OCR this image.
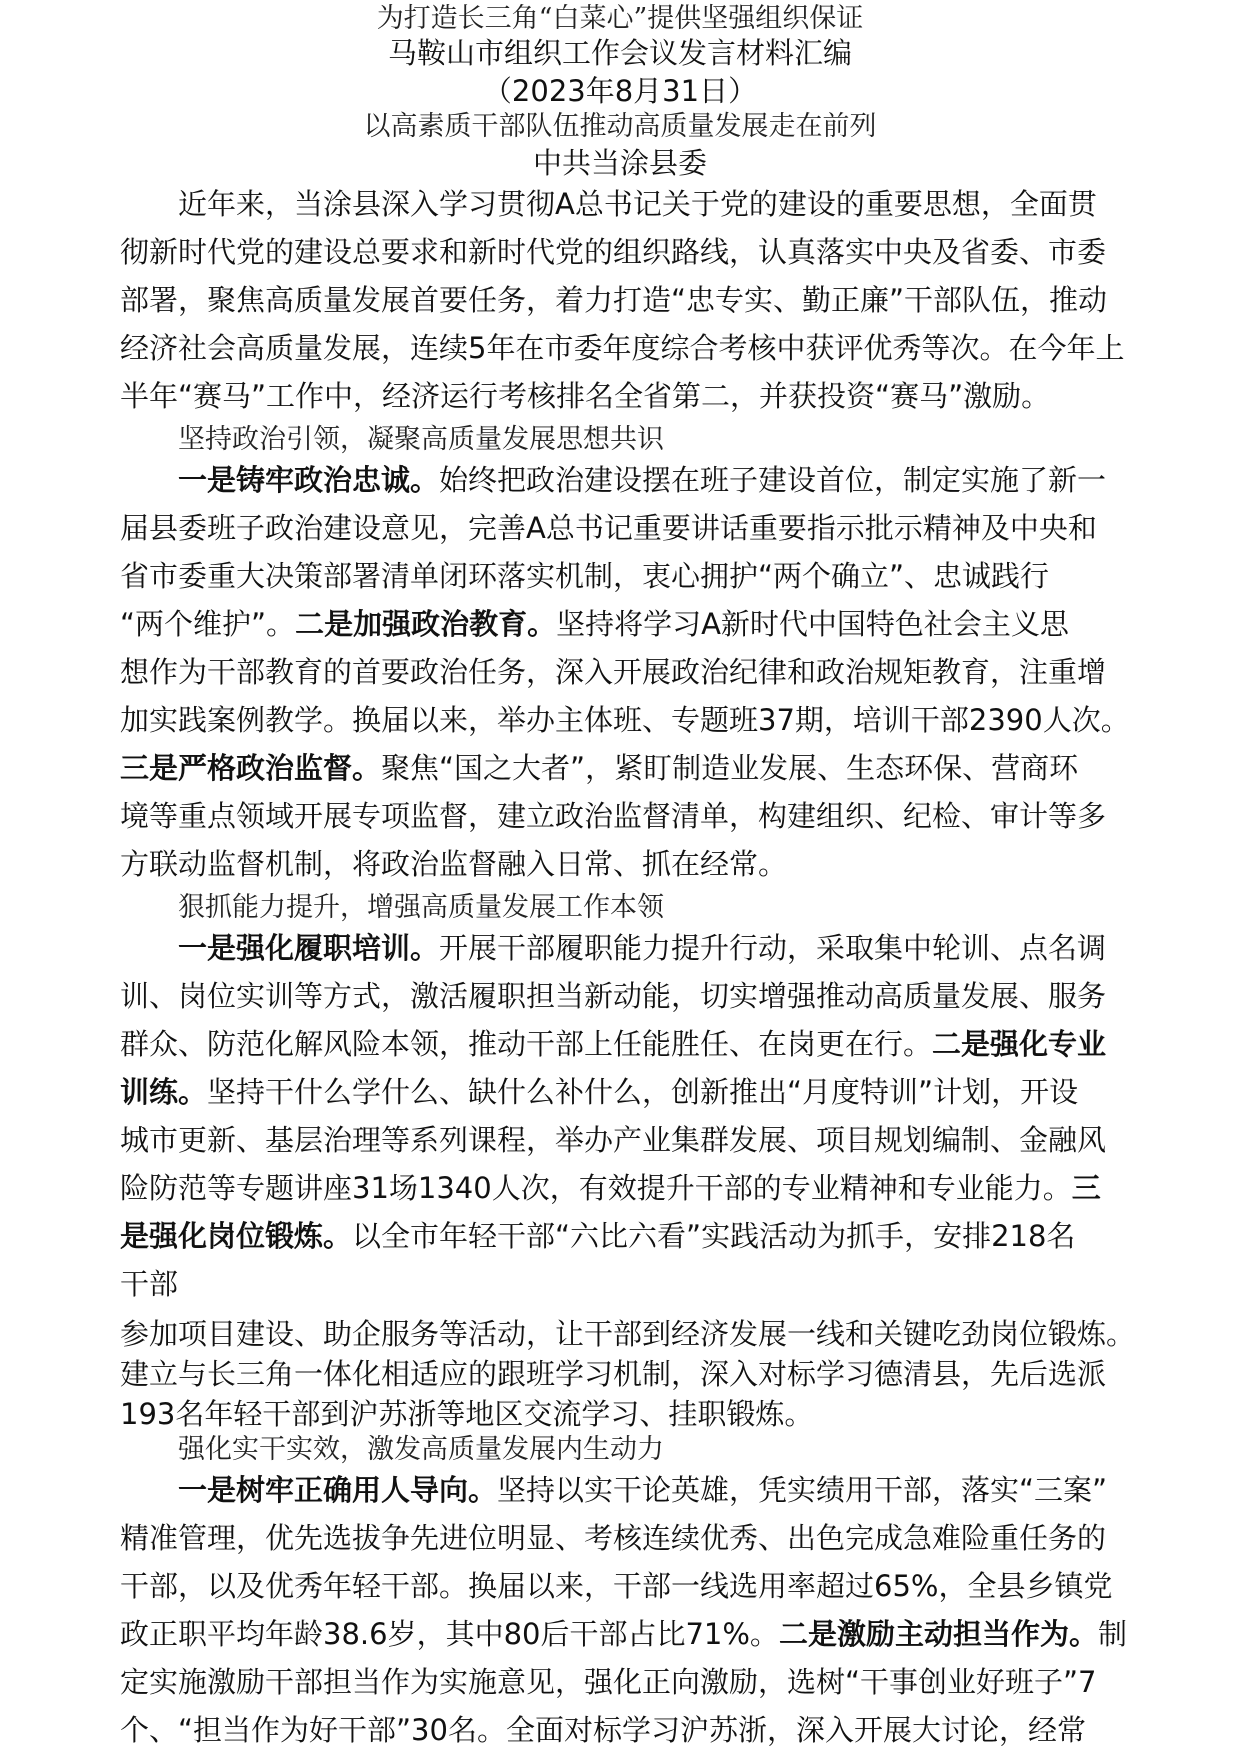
为打造长三角“白菜心”提供坚强组织保证
马鞍山市组织工作会议发言材料汇编
（2023年8月31日）
以高素质干部队伍推动高质量发展走在前列
中共当涂县委
近年来，当涂县深入学习贯彻A总书记关于党的建设的重要思想，全面贯
彻新时代党的建设总要求和新时代党的组织路线，认真落实中央及省委、市委
部署，聚焦高质量发展首要任务，着力打造“忠专实、勤正廉”干部队伍，推动
经济社会高质量发展，连续5年在市委年度综合考核中获评优秀等次。在今年上
半年“赛马”工作中，经济运行考核排名全省第二，并获投资“赛马”激励。
坚持政治引领，凝聚高质量发展思想共识
一是铸牢政治忠诚。始终把政治建设摆在班子建设首位，制定实施了新一
届县委班子政治建设意见，完善A总书记重要讲话重要指示批示精神及中央和
省市委重大决策部署清单闭环落实机制，衷心拥护“两个确立”、忠诚践行
“两个维护”。二是加强政治教育。坚持将学习A新时代中国特色社会主义思
想作为干部教育的首要政治任务，深入开展政治纪律和政治规矩教育，注重增
加实践案例教学。换届以来，举办主体班、专题班37期，培训干部2390人次。
三是严格政治监督。聚焦“国之大者”，紧盯制造业发展、生态环保、营商环
境等重点领域开展专项监督，建立政治监督清单，构建组织、纪检、审计等多
方联动监督机制，将政治监督融入日常、抓在经常。
狠抓能力提升，增强高质量发展工作本领
一是强化履职培训。开展干部履职能力提升行动，采取集中轮训、点名调
训、岗位实训等方式，激活履职担当新动能，切实增强推动高质量发展、服务
群众、防范化解风险本领，推动干部上任能胜任、在岗更在行。二是强化专业
训练。坚持干什么学什么、缺什么补什么，创新推出“月度特训”计划，开设
城市更新、基层治理等系列课程，举办产业集群发展、项目规划编制、金融风
险防范等专题讲座31场1340人次，有效提升干部的专业精神和专业能力。三
是强化岗位锻炼。以全市年轻干部“六比六看”实践活动为抓手，安排218名
干部
参加项目建设、助企服务等活动，让干部到经济发展一线和关键吃劲岗位锻炼。
建立与长三角一体化相适应的跟班学习机制，深入对标学习德清县，先后选派
193名年轻干部到沪苏浙等地区交流学习、挂职锻炼。
强化实干实效，激发高质量发展内生动力
一是树牢正确用人导向。坚持以实干论英雄，凭实绩用干部，落实“三案”
精准管理，优先选拔争先进位明显、考核连续优秀、出色完成急难险重任务的
干部，以及优秀年轻干部。换届以来，干部一线选用率超过65%，全县乡镇党
政正职平均年龄38.6岁，其中80后干部占比71%。二是激励主动担当作为。制
定实施激励干部担当作为实施意见，强化正向激励，选树“干事创业好班子”7
个、“担当作为好干部”30名。全面对标学习沪苏浙，深入开展大讨论，经常
